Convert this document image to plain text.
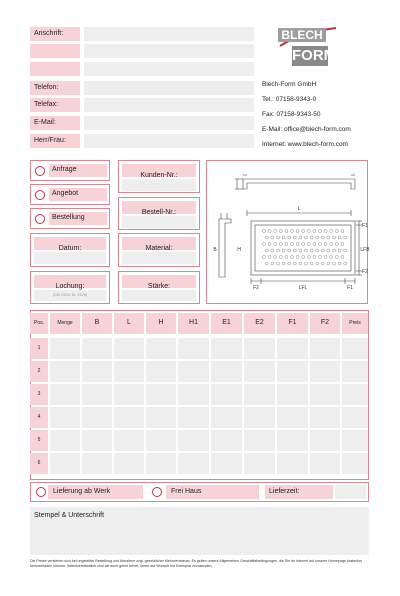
Anschrift:
Telefon:
Telefax:
E-Mail:
Herr/Frau:
BLECH
FORM
Blech-Form GmbH
Tel.: 07158-9343-0
Fax: 07158-9343-50
E-Mail: office@blech-form.com
Internet: www.blech-form.com
Anfrage
Angebot
Bestellung
Datum:
Lochung:
(DIN 24041 Nr. 24/26)
Kunden-Nr.:
Bestell-Nr.:
Material:
Stärke:
L
H
B
F1
LFB
F2
F2	LFL	F1
Pos.	Menge	B	L	H	H1	E1	E2	F1	F2	Preis
1
2
3
4
5
6
Lieferung ab Werk	Frei Haus	Lieferzeit:
Stempel & Unterschrift
Die Preise verstehen sich bei ungeteilter Bestellung und Abnahme zzgl. gesetzlicher Mehrwertsteuer. Es gelten unsere Allgemeinen Geschäftsbedingungen, die Sie im Internet auf unserer Homepage kostenlos herunterladen können. Selbstverständlich sind wir auch gerne bereit, Ihnen auf Wunsch ein Exemplar zuzusenden.
